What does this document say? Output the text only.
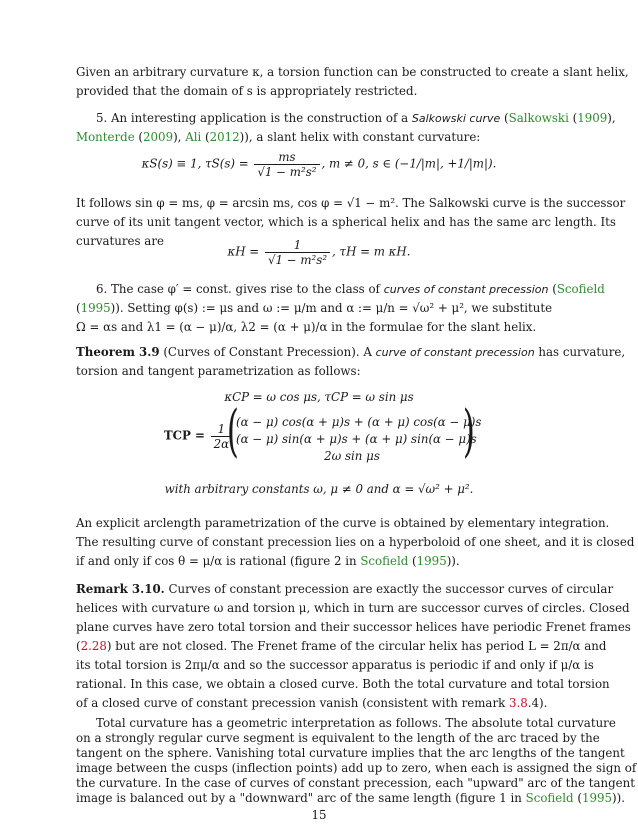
Given an arbitrary curvature κ, a torsion function can be constructed to create a slant helix,
provided that the domain of s is appropriately restricted.
5. An interesting application is the construction of a Salkowski curve (Salkowski (1909),
Monterde (2009), Ali (2012)), a slant helix with constant curvature:
κS(s) ≡ 1, $\tau S(s) = \frac{ms}{\text{√1 − m²s²}}$ , m ≠ 0, s ∈ (−1/|m|, +1/|m|).
It follows sin φ = ms, φ = arcsin ms, cos φ = √1 − m². The Salkowski curve is the successor
curve of its unit tangent vector, which is a spherical helix and has the same arc length. Its
curvatures are
$\kappa H = \frac{1}{\text{√1 − m²s²}}$ , τH = m κH.
6. The case φ′ = const. gives rise to the class of curves of constant precession (Scofield
(1995)). Setting φ(s) := μs and ω := μ/m and α := μ/n = √ω² + μ², we substitute
Ω = αs and λ1 = (α − μ)/α, λ2 = (α + μ)/α in the formulae for the slant helix.
Theorem 3.9 (Curves of Constant Precession). A curve of constant precession has curvature,
torsion and tangent parametrization as follows:
κCP = ω cos μs, τCP = ω sin μs
TCP = $\frac{1}{2\alpha}$
(
(α − μ) cos(α + μ)s + (α + μ) cos(α − μ)s
(α − μ) sin(α + μ)s + (α + μ) sin(α − μ)s
2ω sin μs	)
with arbitrary constants ω, μ ≠ 0 and α = √ω² + μ².
An explicit arclength parametrization of the curve is obtained by elementary integration.
The resulting curve of constant precession lies on a hyperboloid of one sheet, and it is closed
if and only if cos θ = μ/α is rational (figure 2 in Scofield (1995)).
Remark 3.10. Curves of constant precession are exactly the successor curves of circular
helices with curvature ω and torsion μ, which in turn are successor curves of circles. Closed
plane curves have zero total torsion and their successor helices have periodic Frenet frames
(2.28) but are not closed. The Frenet frame of the circular helix has period L = 2π/α and
its total torsion is 2πμ/α and so the successor apparatus is periodic if and only if μ/α is
rational. In this case, we obtain a closed curve. Both the total curvature and total torsion
of a closed curve of constant precession vanish (consistent with remark 3.8.4).
Total curvature has a geometric interpretation as follows. The absolute total curvature
on a strongly regular curve segment is equivalent to the length of the arc traced by the
tangent on the sphere. Vanishing total curvature implies that the arc lengths of the tangent
image between the cusps (inflection points) add up to zero, when each is assigned the sign of
15
the curvature. In the case of curves of constant precession, each "upward" arc of the tangent
image is balanced out by a "downward" arc of the same length (figure 1 in Scofield (1995)).
